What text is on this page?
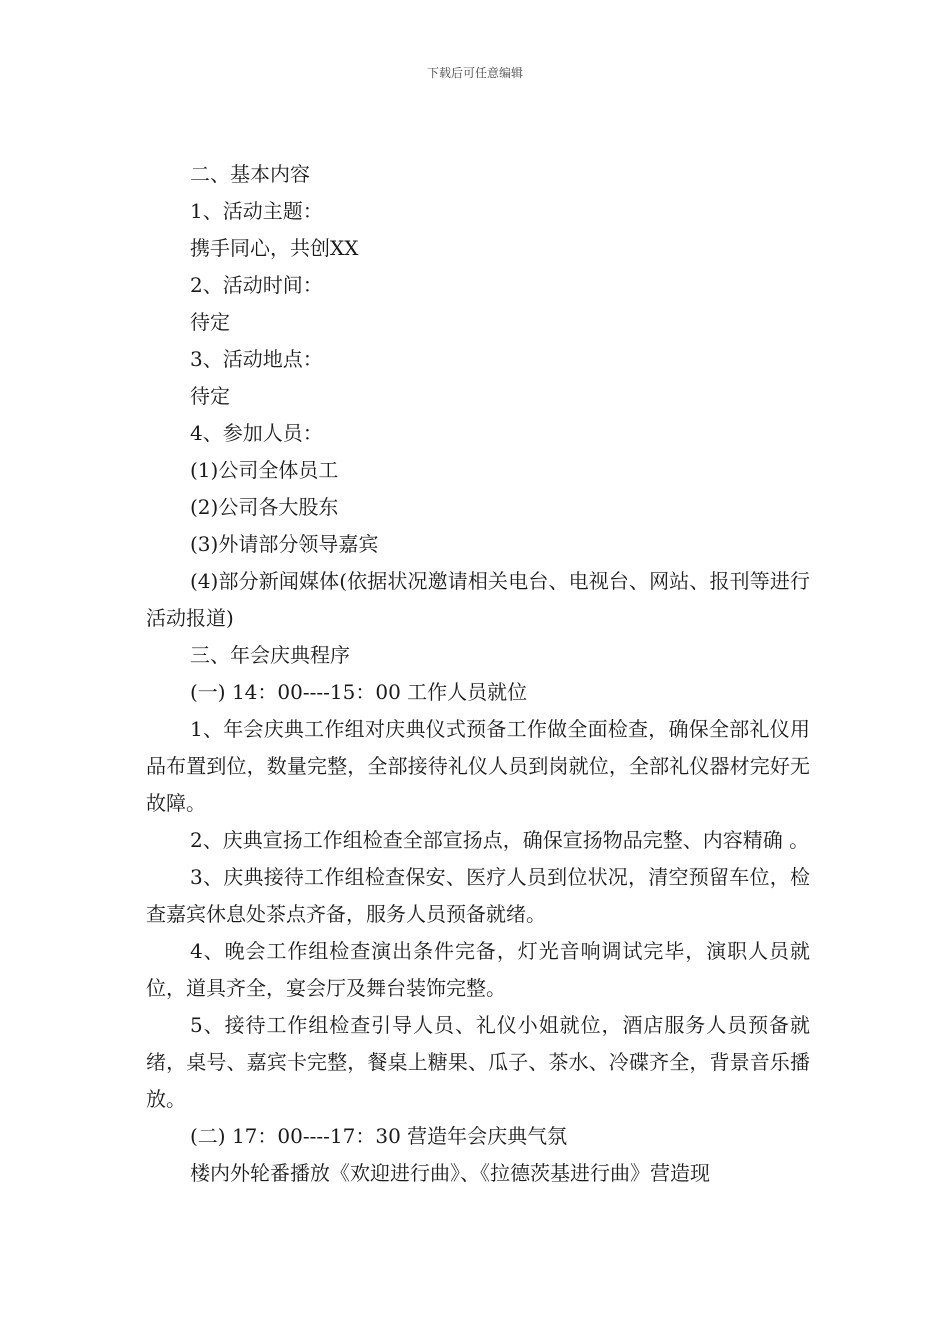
下载后可任意编辑
二、基本内容
1、活动主题：
携手同心，共创XX
2、活动时间：
待定
3、活动地点：
待定
4、参加人员：
(1)公司全体员工
(2)公司各大股东
(3)外请部分领导嘉宾

(4)部分新闻媒体(依据状况邀请相关电台、电视台、网站、报刊等进行活动报道)

三、年会庆典程序
(一) 14：00----15：00 工作人员就位

1、年会庆典工作组对庆典仪式预备工作做全面检查，确保全部礼仪用品布置到位，数量完整，全部接待礼仪人员到岗就位，全部礼仪器材完好无故障。

2、庆典宣扬工作组检查全部宣扬点，确保宣扬物品完整、内容精确 。

3、庆典接待工作组检查保安、医疗人员到位状况，清空预留车位，检查嘉宾休息处茶点齐备，服务人员预备就绪。

4、晚会工作组检查演出条件完备，灯光音响调试完毕，演职人员就位，道具齐全，宴会厅及舞台装饰完整。

5、接待工作组检查引导人员、礼仪小姐就位，酒店服务人员预备就绪，桌号、嘉宾卡完整，餐桌上糖果、瓜子、茶水、冷碟齐全，背景音乐播放。

(二) 17：00----17：30 营造年会庆典气氛
楼内外轮番播放《欢迎进行曲》、《拉德茨基进行曲》营造现
